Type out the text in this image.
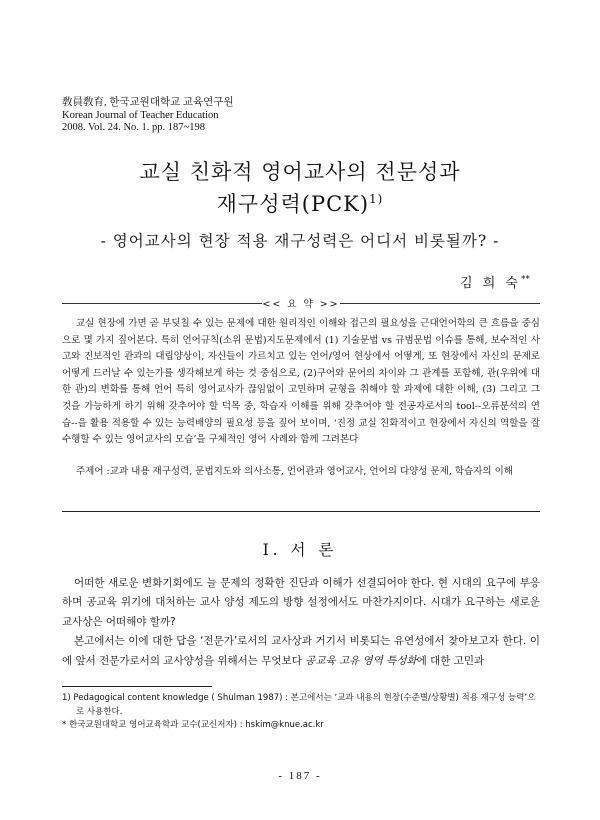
敎員敎育, 한국교원대학교 교육연구원
Korean Journal of Teacher Education
2008. Vol. 24. No. 1. pp. 187~198
교실 친화적 영어교사의 전문성과
재구성력(PCK)$^{1)}$
- 영어교사의 현장 적용 재구성력은 어디서 비롯될까? -
김 희 숙**
<< 요 약 >>

교실 현장에 가면 곧 부딪칠 수 있는 문제에 대한 원리적인 이해와 접근의 필요성을 근대언어학의 큰 흐름을 중심으로 몇 가지 짚어본다. 특히 언어규칙(소위 문법)지도문제에서 (1) 기술문법 vs 규범문법 이슈를 통해, 보수적인 사고와 진보적인 관과의 대립양상이, 자신들이 가르치고 있는 언어/영어 현상에서 어떻게, 또 현장에서 자신의 문제로 어떻게 드러날 수 있는가를 생각해보게 하는 것 중심으로, (2)구어와 문어의 차이와 그 관계를 포함해, 관(우위에 대한 관)의 변화를 통해 언어 특히 영어교사가 끊임없이 고민하며 균형을 취해야 할 과제에 대한 이해, (3) 그리고 그 것을 가능하게 하기 위해 갖추어야 할 덕목 중, 학습자 이해를 위해 갖추어야 할 전공자로서의 tool--오류분석의 연습--을 활용 적용할 수 있는 능력배양의 필요성 등을 짚어 보이며, ‘진정 교실 친화적이고 현장에서 자신의 역할을 잘 수행할 수 있는 영어교사의 모습’을 구체적인 영어 사례와 함께 그려본다

주제어 :교과 내용 재구성력, 문법지도와 의사소통, 언어관과 영어교사, 언어의 다양성 문제, 학습자의 이해
Ⅰ. 서 론

어떠한 새로운 변화기회에도 늘 문제의 정확한 진단과 이해가 선결되어야 한다. 현 시대의 요구에 부응하며 공교육 위기에 대처하는 교사 양성 제도의 방향 설정에서도 마찬가지이다. 시대가 요구하는 새로운 교사상은 어떠해야 할까?

본고에서는 이에 대한 답을 ‘전문가’로서의 교사상과 거기서 비롯되는 유연성에서 찾아보고자 한다. 이에 앞서 전문가로서의 교사양성을 위해서는 무엇보다 공교육 고유 영역 특성화에 대한 고민과

1) Pedagogical content knowledge ( Shulman 1987) : 본고에서는 ‘교과 내용의 현장(수준별/상황별) 적용 재구성 능력’으로 사용한다.

* 한국교원대학교 영어교육학과 교수(교신저자) : hskim@knue.ac.kr

- 187 -
